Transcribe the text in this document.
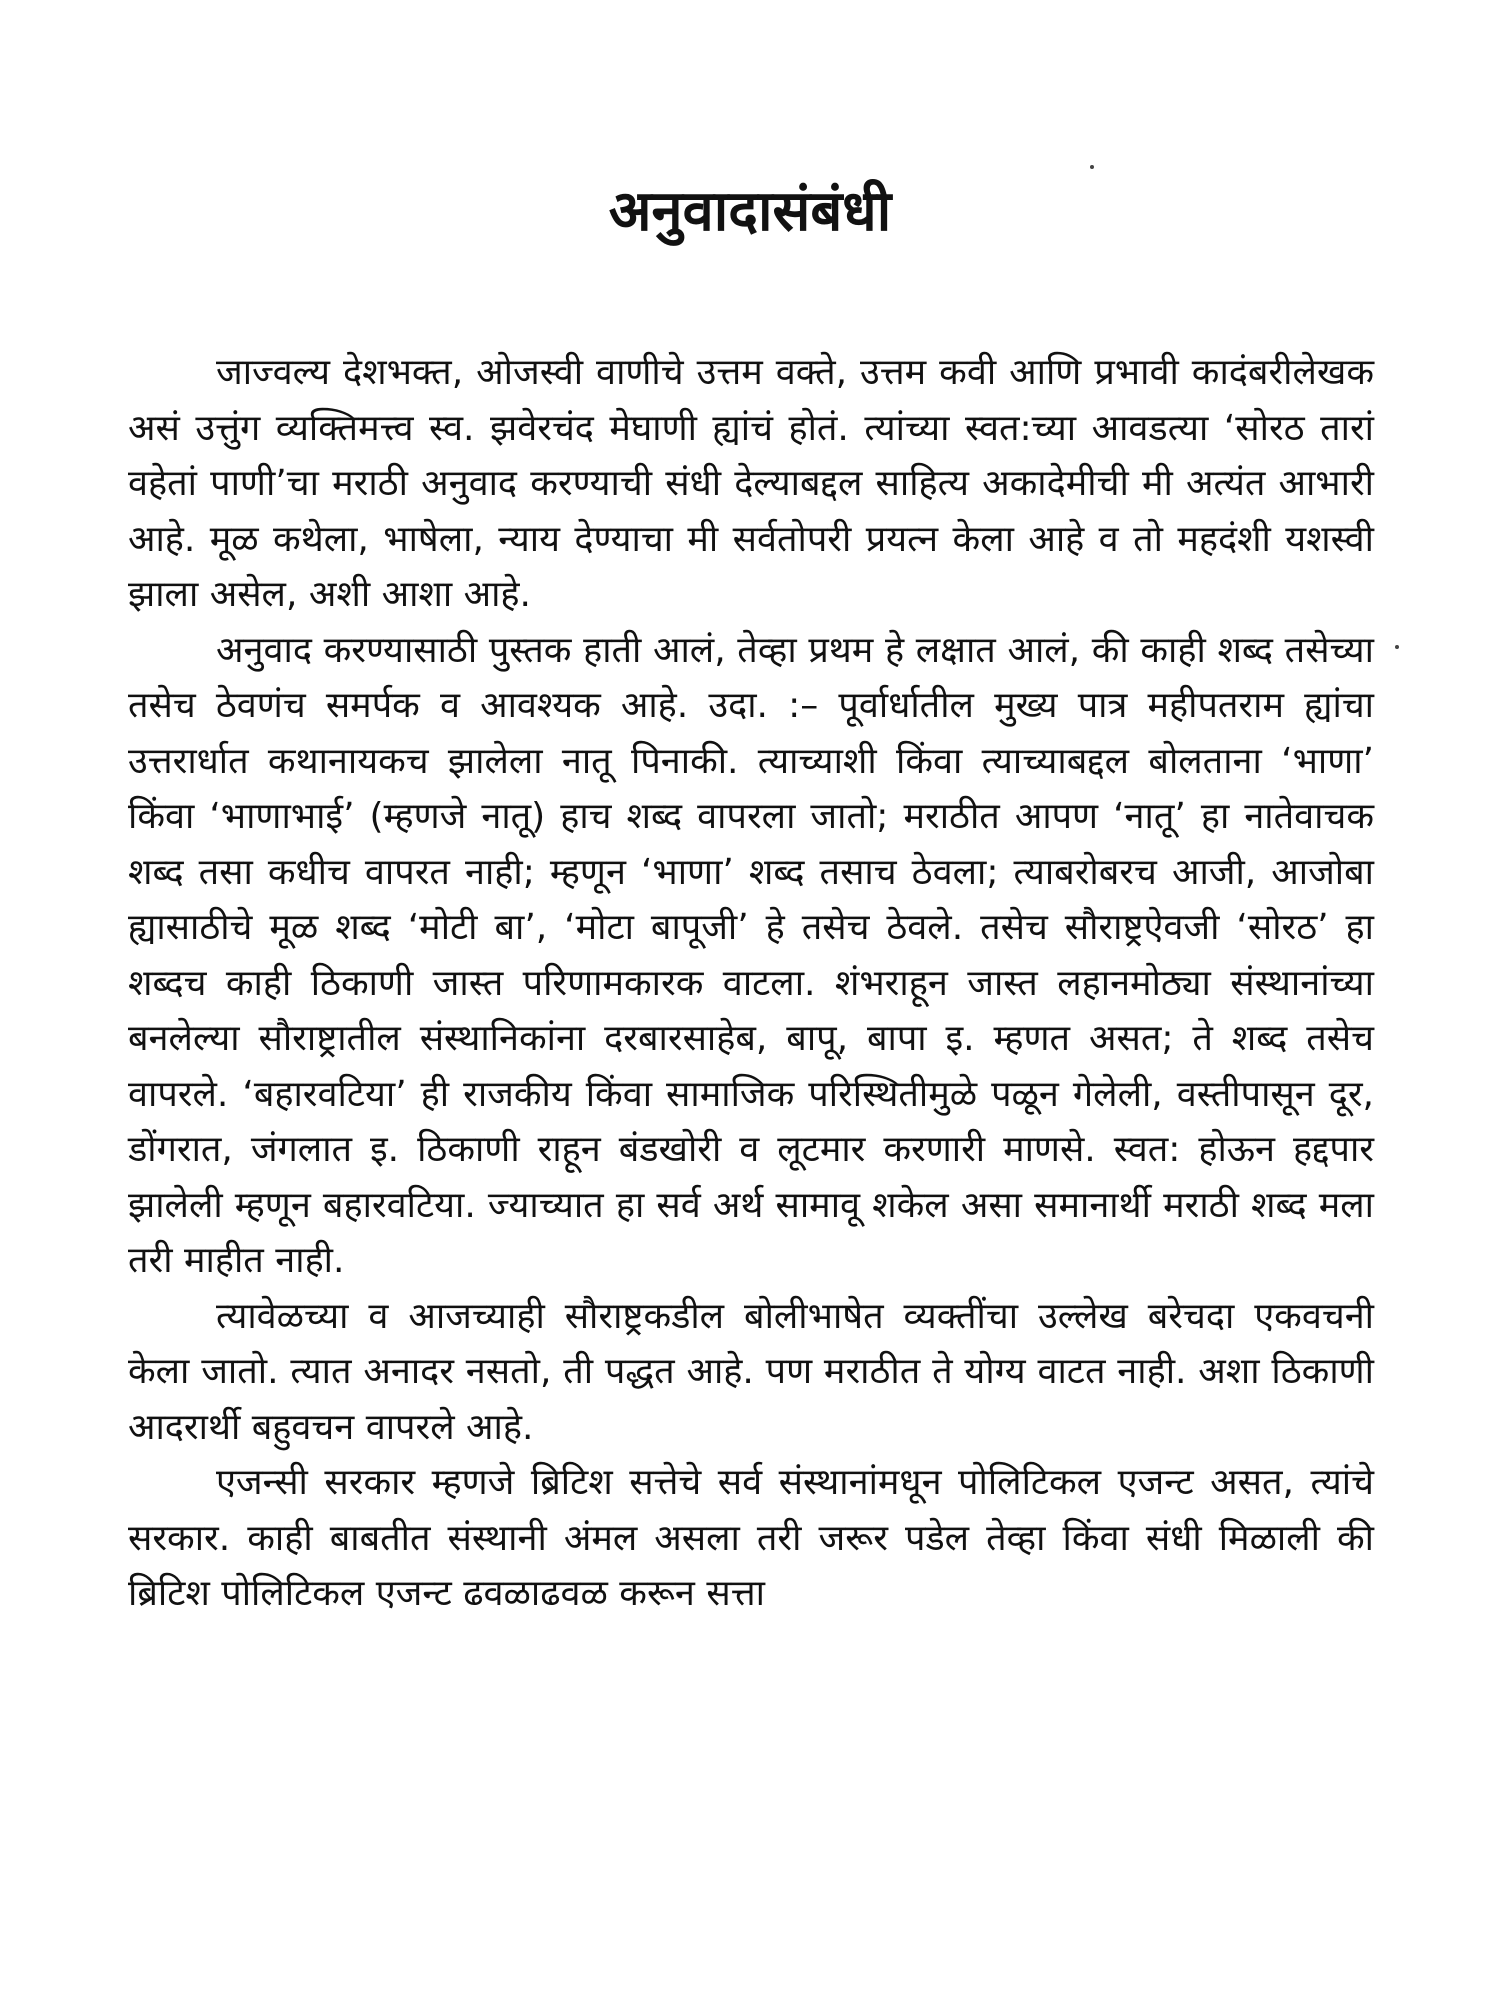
अनुवादासंबंधी

जाज्वल्य देशभक्त, ओजस्वी वाणीचे उत्तम वक्ते, उत्तम कवी आणि प्रभावी कादंबरीलेखक असं उत्तुंग व्यक्तिमत्त्व स्व. झवेरचंद मेघाणी ह्यांचं होतं. त्यांच्या स्वत:च्या आवडत्या ‘सोरठ तारां वहेतां पाणी’चा मराठी अनुवाद करण्याची संधी देल्याबद्दल साहित्य अकादेमीची मी अत्यंत आभारी आहे. मूळ कथेला, भाषेला, न्याय देण्याचा मी सर्वतोपरी प्रयत्न केला आहे व तो महदंशी यशस्वी झाला असेल, अशी आशा आहे.

अनुवाद करण्यासाठी पुस्तक हाती आलं, तेव्हा प्रथम हे लक्षात आलं, की काही शब्द तसेच्या तसेच ठेवणंच समर्पक व आवश्यक आहे. उदा. :– पूर्वार्धातील मुख्य पात्र महीपतराम ह्यांचा उत्तरार्धात कथानायकच झालेला नातू पिनाकी. त्याच्याशी किंवा त्याच्याबद्दल बोलताना ‘भाणा’ किंवा ‘भाणाभाई’ (म्हणजे नातू) हाच शब्द वापरला जातो; मराठीत आपण ‘नातू’ हा नातेवाचक शब्द तसा कधीच वापरत नाही; म्हणून ‘भाणा’ शब्द तसाच ठेवला; त्याबरोबरच आजी, आजोबा ह्यासाठीचे मूळ शब्द ‘मोटी बा’, ‘मोटा बापूजी’ हे तसेच ठेवले. तसेच सौराष्ट्रऐवजी ‘सोरठ’ हा शब्दच काही ठिकाणी जास्त परिणामकारक वाटला. शंभराहून जास्त लहानमोठ्या संस्थानांच्या बनलेल्या सौराष्ट्रातील संस्थानिकांना दरबारसाहेब, बापू, बापा इ. म्हणत असत; ते शब्द तसेच वापरले. ‘बहारवटिया’ ही राजकीय किंवा सामाजिक परिस्थितीमुळे पळून गेलेली, वस्तीपासून दूर, डोंगरात, जंगलात इ. ठिकाणी राहून बंडखोरी व लूटमार करणारी माणसे. स्वत: होऊन हद्दपार झालेली म्हणून बहारवटिया. ज्याच्यात हा सर्व अर्थ सामावू शकेल असा समानार्थी मराठी शब्द मला तरी माहीत नाही.

त्यावेळच्या व आजच्याही सौराष्ट्रकडील बोलीभाषेत व्यक्तींचा उल्लेख बरेचदा एकवचनी केला जातो. त्यात अनादर नसतो, ती पद्धत आहे. पण मराठीत ते योग्य वाटत नाही. अशा ठिकाणी आदरार्थी बहुवचन वापरले आहे.

एजन्सी सरकार म्हणजे ब्रिटिश सत्तेचे सर्व संस्थानांमधून पोलिटिकल एजन्ट असत, त्यांचे सरकार. काही बाबतीत संस्थानी अंमल असला तरी जरूर पडेल तेव्हा किंवा संधी मिळाली की ब्रिटिश पोलिटिकल एजन्ट ढवळाढवळ करून सत्ता
